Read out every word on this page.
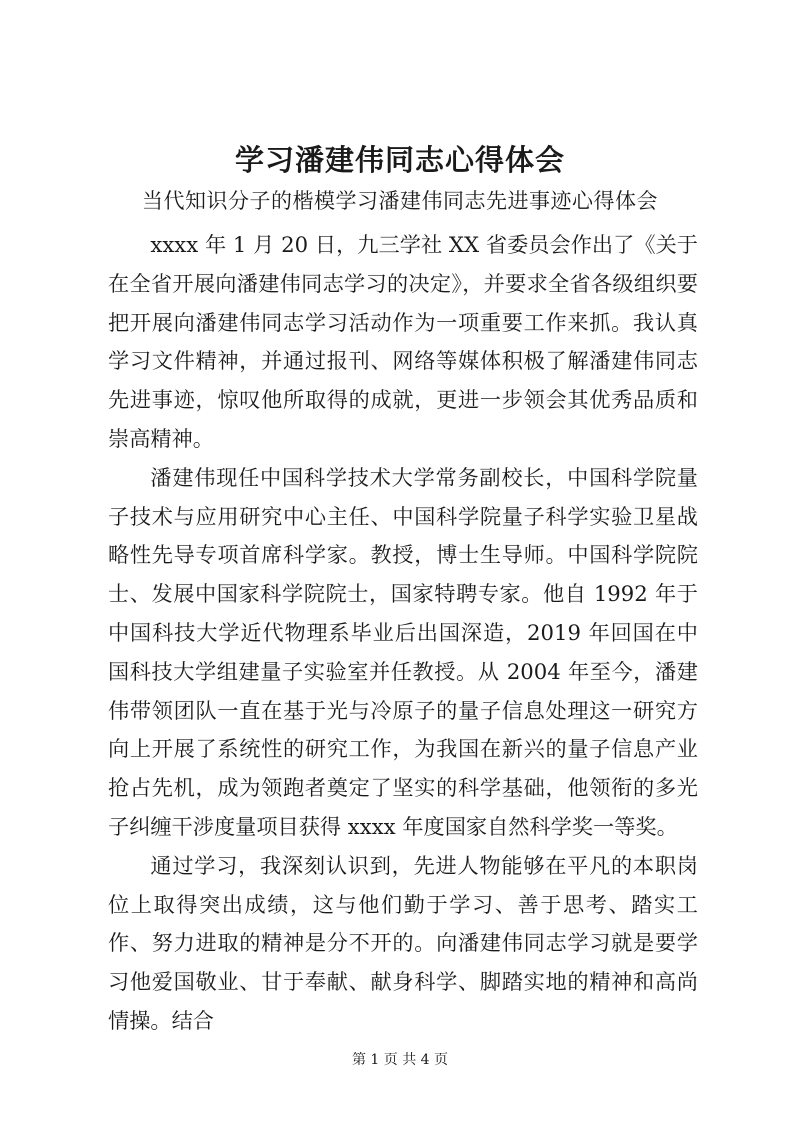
学习潘建伟同志心得体会
当代知识分子的楷模学习潘建伟同志先进事迹心得体会

xxxx 年 1 月 20 日，九三学社 XX 省委员会作出了《关于在全省开展向潘建伟同志学习的决定》，并要求全省各级组织要把开展向潘建伟同志学习活动作为一项重要工作来抓。我认真学习文件精神，并通过报刊、网络等媒体积极了解潘建伟同志先进事迹，惊叹他所取得的成就，更进一步领会其优秀品质和崇高精神。

潘建伟现任中国科学技术大学常务副校长，中国科学院量子技术与应用研究中心主任、中国科学院量子科学实验卫星战略性先导专项首席科学家。教授，博士生导师。中国科学院院士、发展中国家科学院院士，国家特聘专家。他自 1992 年于中国科技大学近代物理系毕业后出国深造，2019 年回国在中国科技大学组建量子实验室并任教授。从 2004 年至今，潘建伟带领团队一直在基于光与冷原子的量子信息处理这一研究方向上开展了系统性的研究工作，为我国在新兴的量子信息产业抢占先机，成为领跑者奠定了坚实的科学基础，他领衔的多光子纠缠干涉度量项目获得 xxxx 年度国家自然科学奖一等奖。

通过学习，我深刻认识到，先进人物能够在平凡的本职岗位上取得突出成绩，这与他们勤于学习、善于思考、踏实工作、努力进取的精神是分不开的。向潘建伟同志学习就是要学习他爱国敬业、甘于奉献、献身科学、脚踏实地的精神和高尚情操。结合

第 1 页 共 4 页
